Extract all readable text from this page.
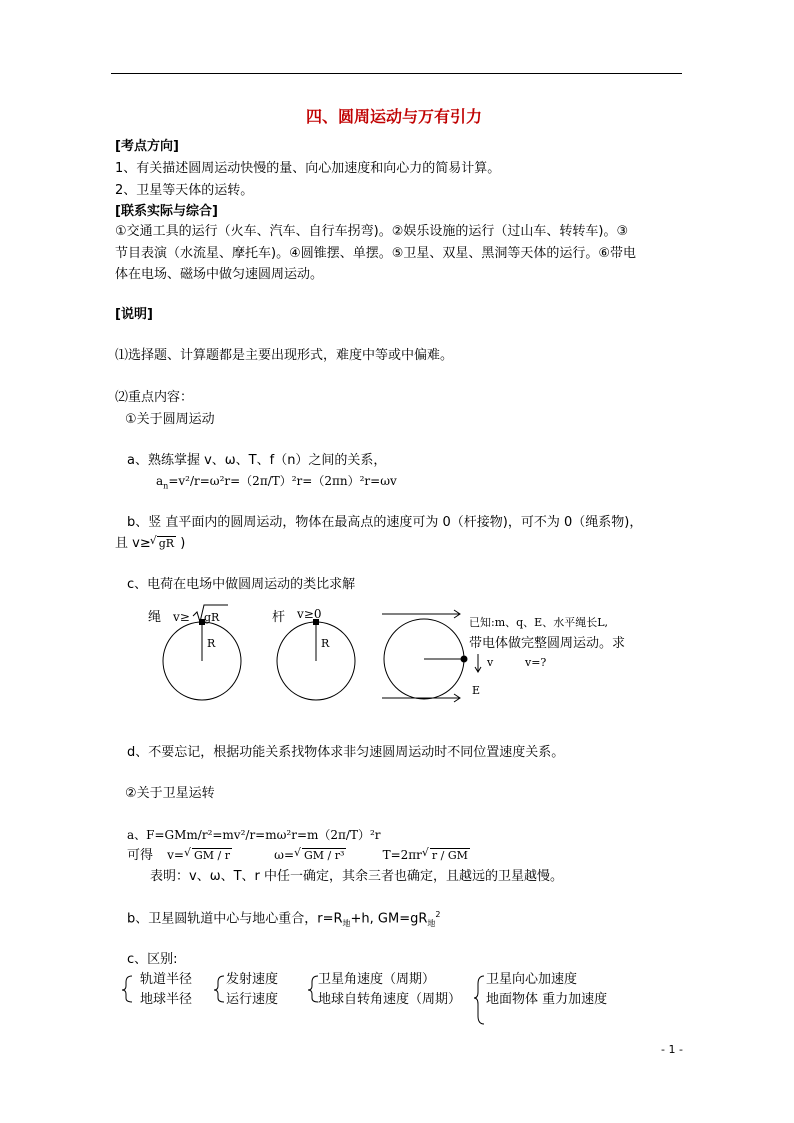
四、圆周运动与万有引力
[考点方向]
1、有关描述圆周运动快慢的量、向心加速度和向心力的简易计算。
2、卫星等天体的运转。
[联系实际与综合]
①交通工具的运行（火车、汽车、自行车拐弯)。②娱乐设施的运行（过山车、转转车)。③
节目表演（水流星、摩托车)。④圆锥摆、单摆。⑤卫星、双星、黑洞等天体的运行。⑥带电
体在电场、磁场中做匀速圆周运动。
[说明]
⑴选择题、计算题都是主要出现形式，难度中等或中偏难。
⑵重点内容：
①关于圆周运动
a、熟练掌握 v、ω、T、f（n）之间的关系，
$a_n=v^2/r=\omega^2r=(2\pi/T)^2r=(2\pi n)^2r=\omega v$
b、竖 直平面内的圆周运动，物体在最高点的速度可为 0（杆接物)，可不为 0（绳系物)，
且 v≥ √ gR )
c、电荷在电场中做圆周运动的类比求解
绳 v≥ gR
R
杆 v≥0
R
已知:m、q、E、水平绳长L,
带电体做完整圆周运动。求
v	v=?
E
d、不要忘记，根据功能关系找物体求非匀速圆周运动时不同位置速度关系。
②关于卫星运转
a、F=GMm/r²=mv²/r=mω²r=m（2π/T）²r
可得 v= √ GM / r	ω= √ GM / r³	T=2πr √ r / GM
表明：v、ω、T、r 中任一确定，其余三者也确定，且越远的卫星越慢。
b、卫星圆轨道中心与地心重合，$r=R_地+h$, $GM=gR_地^2$
c、区别:
轨道半径
地球半径
发射速度
运行速度
卫星角速度（周期）
地球自转角速度（周期）
卫星向心加速度
地面物体 重力加速度
- 1 -
